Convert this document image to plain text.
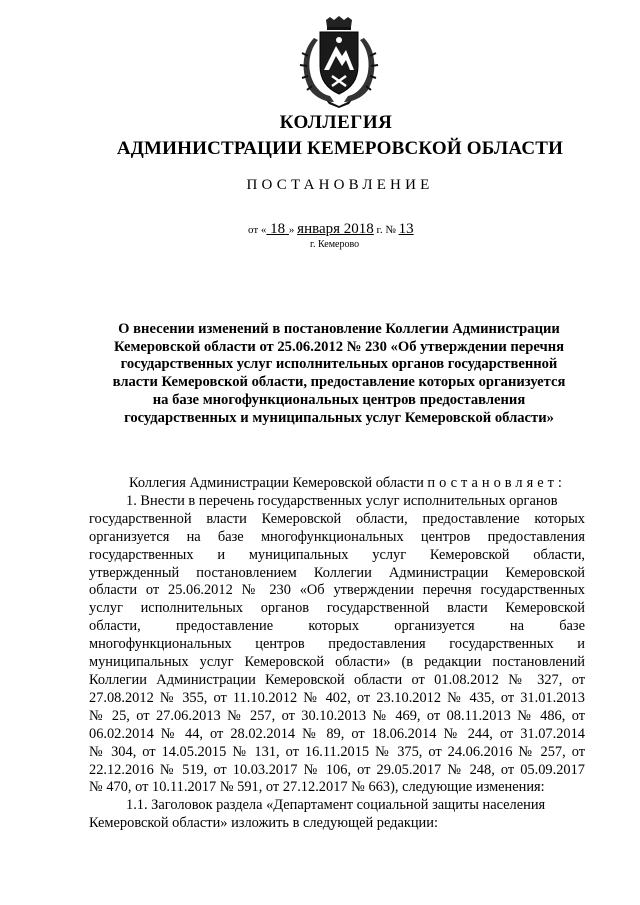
КОЛЛЕГИЯ
АДМИНИСТРАЦИИ КЕМЕРОВСКОЙ ОБЛАСТИ
ПОСТАНОВЛЕНИЕ
от « 18 » января 2018 г. № 13
г. Кемерово
О внесении изменений в постановление Коллегии Администрации
Кемеровской области от 25.06.2012 № 230 «Об утверждении перечня
государственных услуг исполнительных органов государственной
власти Кемеровской области, предоставление которых организуется
на базе многофункциональных центров предоставления
государственных и муниципальных услуг Кемеровской области»
Коллегия Администрации Кемеровской области постановляет:
1. Внести в перечень государственных услуг исполнительных органов
государственной власти Кемеровской области, предоставление которых
организуется на базе многофункциональных центров предоставления
государственных и муниципальных услуг Кемеровской области,
утвержденный постановлением Коллегии Администрации Кемеровской
области от 25.06.2012 № 230 «Об утверждении перечня государственных
услуг исполнительных органов государственной власти Кемеровской
области, предоставление которых организуется на базе
многофункциональных центров предоставления государственных и
муниципальных услуг Кемеровской области» (в редакции постановлений
Коллегии Администрации Кемеровской области от 01.08.2012 № 327, от
27.08.2012 № 355, от 11.10.2012 № 402, от 23.10.2012 № 435, от 31.01.2013
№ 25, от 27.06.2013 № 257, от 30.10.2013 № 469, от 08.11.2013 № 486, от
06.02.2014 № 44, от 28.02.2014 № 89, от 18.06.2014 № 244, от 31.07.2014
№ 304, от 14.05.2015 № 131, от 16.11.2015 № 375, от 24.06.2016 № 257, от
22.12.2016 № 519, от 10.03.2017 № 106, от 29.05.2017 № 248, от 05.09.2017
№ 470, от 10.11.2017 № 591, от 27.12.2017 № 663), следующие изменения:
1.1. Заголовок раздела «Департамент социальной защиты населения
Кемеровской области» изложить в следующей редакции:
